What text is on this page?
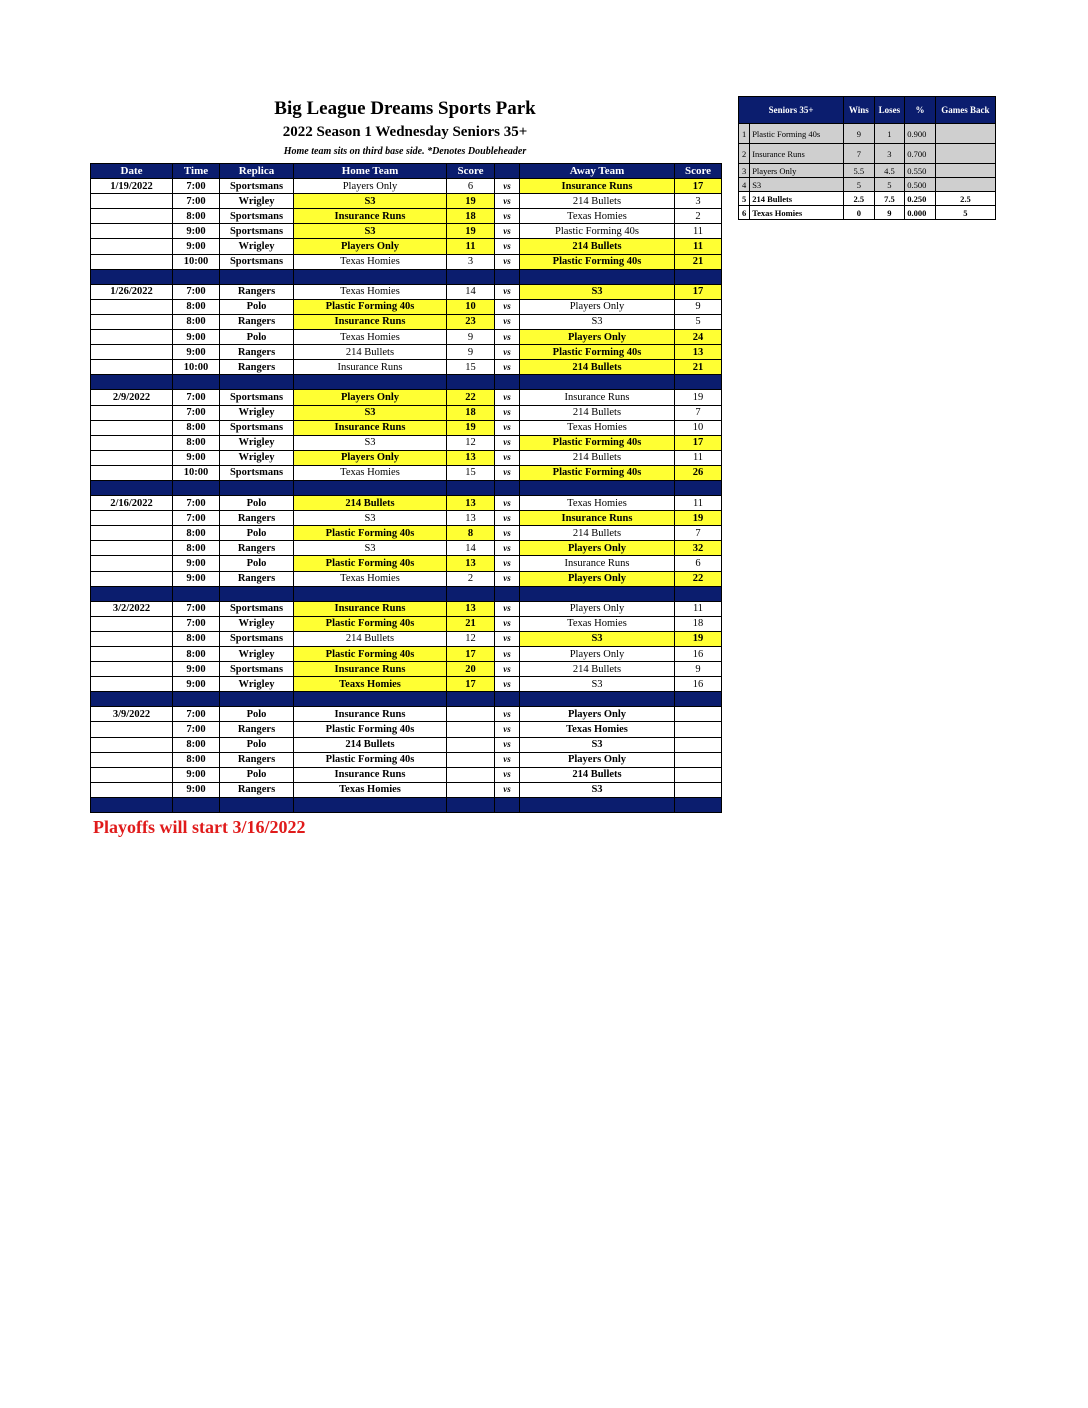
Big League Dreams Sports Park
2022 Season 1 Wednesday Seniors 35+
Home team sits on third base side. *Denotes Doubleheader
Date	Time	Replica	Home Team	Score		Away Team	Score
1/19/2022	7:00	Sportsmans	Players Only	6	vs	Insurance Runs	17
	7:00	Wrigley	S3	19	vs	214 Bullets	3
	8:00	Sportsmans	Insurance Runs	18	vs	Texas Homies	2
	9:00	Sportsmans	S3	19	vs	Plastic Forming 40s	11
	9:00	Wrigley	Players Only	11	vs	214 Bullets	11
	10:00	Sportsmans	Texas Homies	3	vs	Plastic Forming 40s	21

1/26/2022	7:00	Rangers	Texas Homies	14	vs	S3	17
	8:00	Polo	Plastic Forming 40s	10	vs	Players Only	9
	8:00	Rangers	Insurance Runs	23	vs	S3	5
	9:00	Polo	Texas Homies	9	vs	Players Only	24
	9:00	Rangers	214 Bullets	9	vs	Plastic Forming 40s	13
	10:00	Rangers	Insurance Runs	15	vs	214 Bullets	21

2/9/2022	7:00	Sportsmans	Players Only	22	vs	Insurance Runs	19
	7:00	Wrigley	S3	18	vs	214 Bullets	7
	8:00	Sportsmans	Insurance Runs	19	vs	Texas Homies	10
	8:00	Wrigley	S3	12	vs	Plastic Forming 40s	17
	9:00	Wrigley	Players Only	13	vs	214 Bullets	11
	10:00	Sportsmans	Texas Homies	15	vs	Plastic Forming 40s	26

2/16/2022	7:00	Polo	214 Bullets	13	vs	Texas Homies	11
	7:00	Rangers	S3	13	vs	Insurance Runs	19
	8:00	Polo	Plastic Forming 40s	8	vs	214 Bullets	7
	8:00	Rangers	S3	14	vs	Players Only	32
	9:00	Polo	Plastic Forming 40s	13	vs	Insurance Runs	6
	9:00	Rangers	Texas Homies	2	vs	Players Only	22

3/2/2022	7:00	Sportsmans	Insurance Runs	13	vs	Players Only	11
	7:00	Wrigley	Plastic Forming 40s	21	vs	Texas Homies	18
	8:00	Sportsmans	214 Bullets	12	vs	S3	19
	8:00	Wrigley	Plastic Forming 40s	17	vs	Players Only	16
	9:00	Sportsmans	Insurance Runs	20	vs	214 Bullets	9
	9:00	Wrigley	Teaxs Homies	17	vs	S3	16

3/9/2022	7:00	Polo	Insurance Runs		vs	Players Only	
	7:00	Rangers	Plastic Forming 40s		vs	Texas Homies	
	8:00	Polo	214 Bullets		vs	S3	
	8:00	Rangers	Plastic Forming 40s		vs	Players Only	
	9:00	Polo	Insurance Runs		vs	214 Bullets	
	9:00	Rangers	Texas Homies		vs	S3	

Playoffs will start 3/16/2022
Seniors 35+		Wins	Loses	%	Games Back
1	Plastic Forming 40s	9	1	0.900	
2	Insurance Runs	7	3	0.700	
3	Players Only	5.5	4.5	0.550	
4	S3	5	5	0.500	
5	214 Bullets	2.5	7.5	0.250	2.5
6	Texas Homies	0	9	0.000	5
